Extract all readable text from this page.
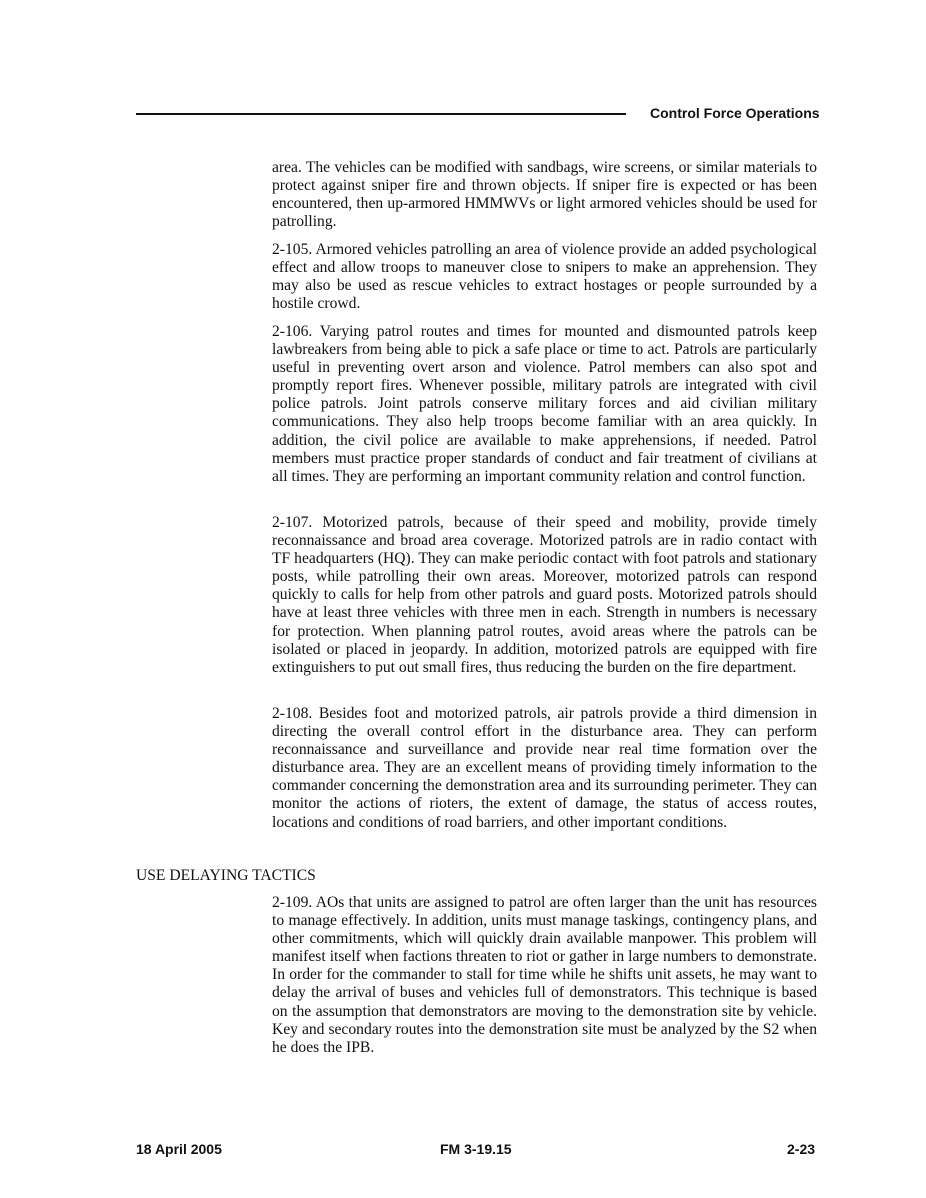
Control Force Operations

area. The vehicles can be modified with sandbags, wire screens, or similar materials to protect against sniper fire and thrown objects. If sniper fire is expected or has been encountered, then up-armored HMMWVs or light armored vehicles should be used for patrolling.

2-105. Armored vehicles patrolling an area of violence provide an added psychological effect and allow troops to maneuver close to snipers to make an apprehension. They may also be used as rescue vehicles to extract hostages or people surrounded by a hostile crowd.

2-106. Varying patrol routes and times for mounted and dismounted patrols keep lawbreakers from being able to pick a safe place or time to act. Patrols are particularly useful in preventing overt arson and violence. Patrol members can also spot and promptly report fires. Whenever possible, military patrols are integrated with civil police patrols. Joint patrols conserve military forces and aid civilian military communications. They also help troops become familiar with an area quickly. In addition, the civil police are available to make apprehensions, if needed. Patrol members must practice proper standards of conduct and fair treatment of civilians at all times. They are performing an important community relation and control function.

2-107. Motorized patrols, because of their speed and mobility, provide timely reconnaissance and broad area coverage. Motorized patrols are in radio contact with TF headquarters (HQ). They can make periodic contact with foot patrols and stationary posts, while patrolling their own areas. Moreover, motorized patrols can respond quickly to calls for help from other patrols and guard posts. Motorized patrols should have at least three vehicles with three men in each. Strength in numbers is necessary for protection. When planning patrol routes, avoid areas where the patrols can be isolated or placed in jeopardy. In addition, motorized patrols are equipped with fire extinguishers to put out small fires, thus reducing the burden on the fire department.

2-108. Besides foot and motorized patrols, air patrols provide a third dimension in directing the overall control effort in the disturbance area. They can perform reconnaissance and surveillance and provide near real time formation over the disturbance area. They are an excellent means of providing timely information to the commander concerning the demonstration area and its surrounding perimeter. They can monitor the actions of rioters, the extent of damage, the status of access routes, locations and conditions of road barriers, and other important conditions.

USE DELAYING TACTICS

2-109. AOs that units are assigned to patrol are often larger than the unit has resources to manage effectively. In addition, units must manage taskings, contingency plans, and other commitments, which will quickly drain available manpower. This problem will manifest itself when factions threaten to riot or gather in large numbers to demonstrate. In order for the commander to stall for time while he shifts unit assets, he may want to delay the arrival of buses and vehicles full of demonstrators. This technique is based on the assumption that demonstrators are moving to the demonstration site by vehicle. Key and secondary routes into the demonstration site must be analyzed by the S2 when he does the IPB.

18 April 2005	FM 3-19.15	2-23
